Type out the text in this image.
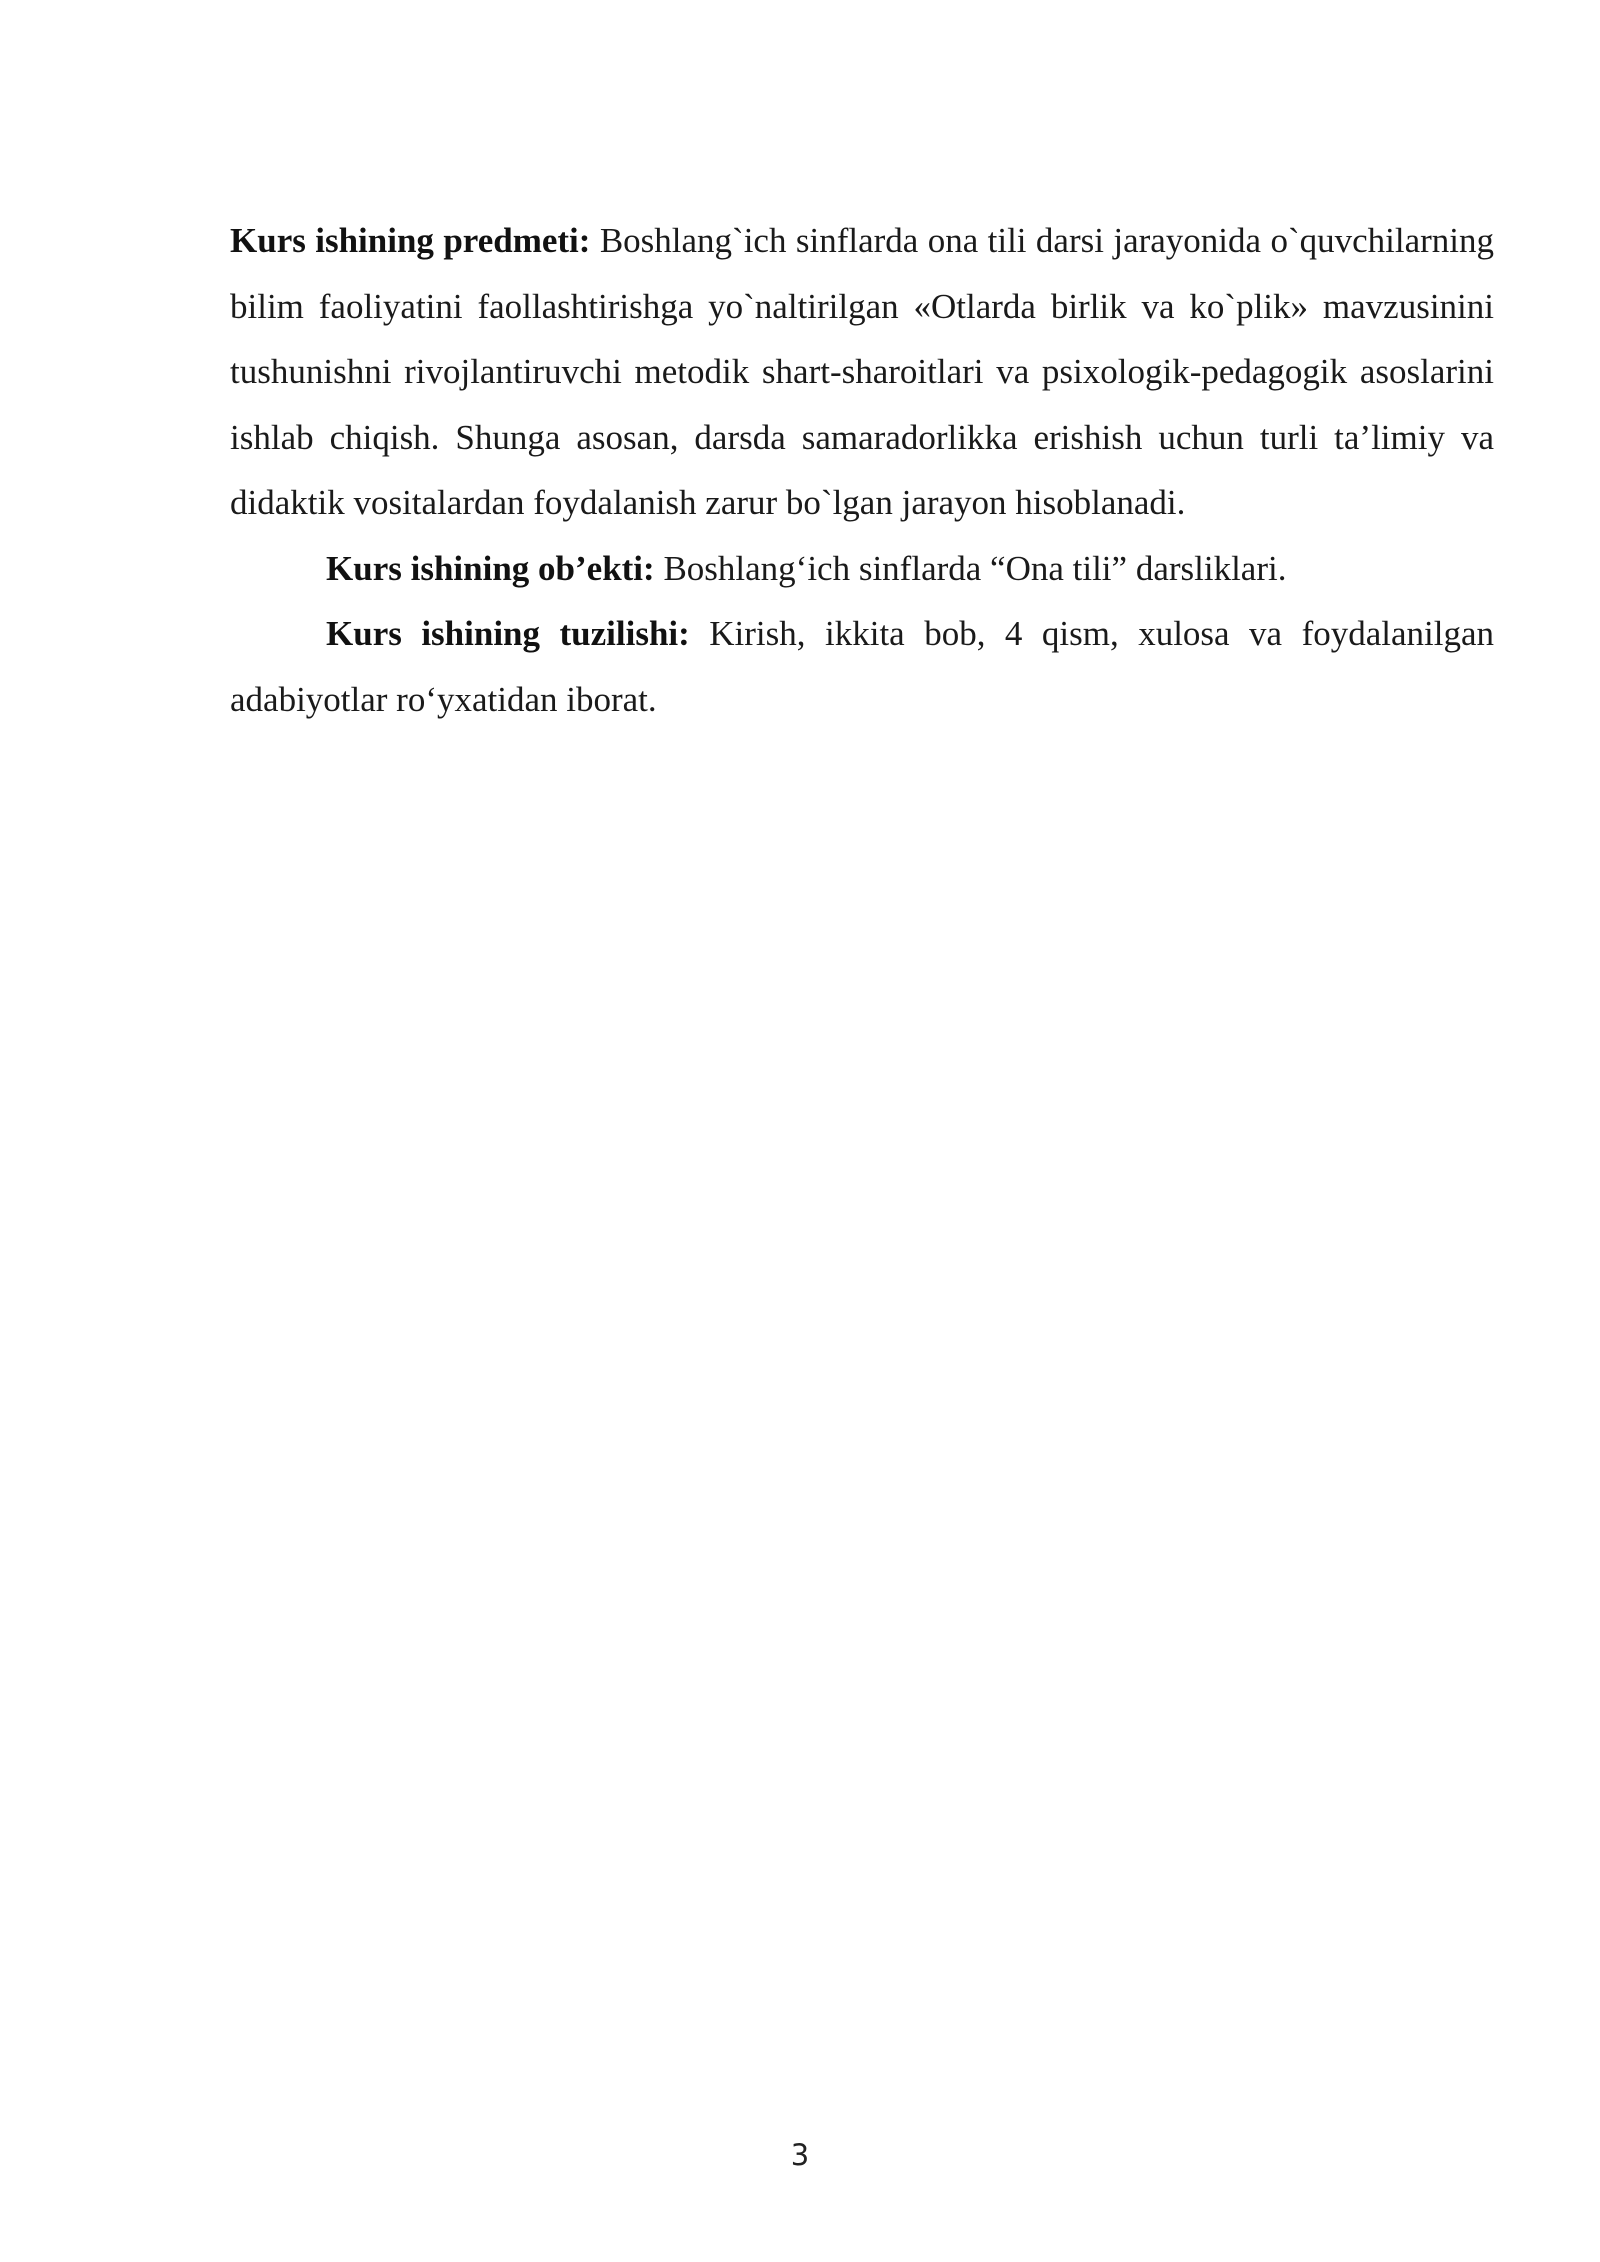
Kurs ishining predmeti: Boshlang`ich sinflarda ona tili darsi jarayonida o`quvchilarning bilim faoliyatini faollashtirishga yo`naltirilgan «Otlarda birlik va ko`plik» mavzusinini tushunishni rivojlantiruvchi metodik shart-sharoitlari va psixologik-pedagogik asoslarini ishlab chiqish. Shunga asosan, darsda samaradorlikka erishish uchun turli ta’limiy va didaktik vositalardan foydalanish zarur bo`lgan jarayon hisoblanadi.

Kurs ishining ob’ekti: Boshlang‘ich sinflarda “Ona tili” darsliklari.

Kurs ishining tuzilishi: Kirish, ikkita bob, 4 qism, xulosa va foydalanilgan adabiyotlar ro‘yxatidan iborat.

3
